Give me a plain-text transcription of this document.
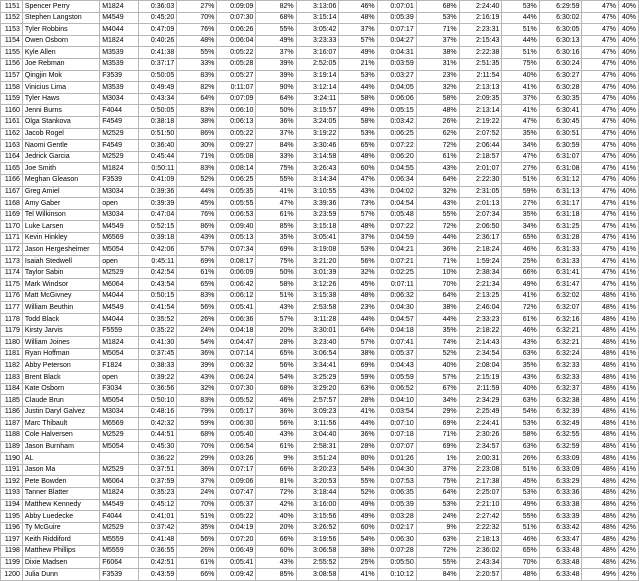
1151	Spencer Perry	M1824	0:36:03	27%	0:09:09	82%	3:13:06	46%	0:07:01	68%	2:24:40	53%	6:29:59	47%	40%
1152	Stephen Langston	M4549	0:45:20	70%	0:07:30	68%	3:15:14	48%	0:05:39	53%	2:16:19	44%	6:30:02	47%	40%
1153	Tyler Robbins	M4044	0:47:09	76%	0:06:26	55%	3:05:42	37%	0:07:17	71%	2:23:31	51%	6:30:05	47%	40%
1154	Owen Osborn	M1824	0:40:26	48%	0:06:04	49%	3:23:33	57%	0:04:27	37%	2:15:43	44%	6:30:13	47%	40%
1155	Kyle Allen	M3539	0:41:38	55%	0:05:22	37%	3:16:07	49%	0:04:31	38%	2:22:38	51%	6:30:16	47%	40%
1156	Joe Rebman	M3539	0:37:17	33%	0:05:28	39%	2:52:05	21%	0:03:59	31%	2:51:35	75%	6:30:24	47%	40%
1157	Qingjin Mok	F3539	0:50:05	83%	0:05:27	39%	3:19:14	53%	0:03:27	23%	2:11:54	40%	6:30:27	47%	40%
1158	Vinicius Lima	M3539	0:49:49	82%	0:11:07	90%	3:12:14	44%	0:04:05	32%	2:13:13	41%	6:30:28	47%	40%
1159	Tyler Haws	M3034	0:43:34	64%	0:07:09	64%	3:24:11	58%	0:06:06	58%	2:09:35	37%	6:30:35	47%	40%
1160	Jenni Burns	F4044	0:50:05	83%	0:06:10	50%	3:15:57	49%	0:05:15	48%	2:13:14	41%	6:30:41	47%	40%
1161	Olga Stankova	F4549	0:38:18	38%	0:06:13	36%	3:24:05	58%	0:03:42	26%	2:19:22	47%	6:30:45	47%	40%
1162	Jacob Rogel	M2529	0:51:50	86%	0:05:22	37%	3:19:22	53%	0:06:25	62%	2:07:52	35%	6:30:51	47%	40%
1163	Naomi Gentle	F4549	0:36:40	30%	0:09:27	84%	3:30:46	65%	0:07:22	72%	2:06:44	34%	6:30:59	47%	40%
1164	Jedrick Garcia	M2529	0:45:44	71%	0:05:08	33%	3:14:58	48%	0:06:20	61%	2:18:57	47%	6:31:07	47%	40%
1165	Joe Smith	M1824	0:50:11	83%	0:08:14	75%	3:26:43	60%	0:04:55	43%	2:01:07	27%	6:31:08	47%	41%
1166	Meghan Gleason	F3539	0:41:09	52%	0:06:25	55%	3:14:34	47%	0:06:34	64%	2:22:30	51%	6:31:12	47%	40%
1167	Greg Amiel	M3034	0:39:36	44%	0:05:35	41%	3:10:55	43%	0:04:02	32%	2:31:05	59%	6:31:13	47%	40%
1168	Amy Gaber	open	0:39:39	45%	0:05:55	47%	3:39:36	73%	0:04:54	43%	2:01:13	27%	6:31:17	47%	41%
1169	Tel Wilkinson	M3034	0:47:04	76%	0:06:53	61%	3:23:59	57%	0:05:48	55%	2:07:34	35%	6:31:18	47%	41%
1170	Luke Larsen	M4549	0:52:15	86%	0:09:40	85%	3:15:18	48%	0:07:22	72%	2:06:50	34%	6:31:25	47%	41%
1171	Kevin Hinkley	M6569	0:39:18	43%	0:05:13	35%	3:05:41	37%	0:04:59	44%	2:36:17	65%	6:31:28	47%	41%
1172	Jason Hergesheimer	M5054	0:42:06	57%	0:07:34	69%	3:19:08	53%	0:04:21	36%	2:18:24	46%	6:31:33	47%	41%
1173	Isaiah Stedwell	open	0:45:11	69%	0:08:17	75%	3:21:20	56%	0:07:21	71%	1:59:24	25%	6:31:33	47%	41%
1174	Taylor Sabin	M2529	0:42:54	61%	0:06:09	50%	3:01:39	32%	0:02:25	10%	2:38:34	66%	6:31:41	47%	41%
1175	Mark Windsor	M6064	0:43:54	65%	0:06:42	58%	3:12:26	45%	0:07:11	70%	2:21:34	49%	6:31:47	47%	41%
1176	Matt McGivney	M4044	0:50:15	83%	0:06:12	51%	3:15:38	48%	0:06:32	64%	2:13:25	41%	6:32:02	48%	41%
1177	William Beuthin	M4549	0:41:54	56%	0:05:41	43%	2:53:58	23%	0:04:30	38%	2:46:04	72%	6:32:07	48%	41%
1178	Todd Black	M4044	0:35:52	26%	0:06:36	57%	3:11:28	44%	0:04:57	44%	2:33:23	61%	6:32:16	48%	41%
1179	Kirsty Jarvis	F5559	0:35:22	24%	0:04:18	20%	3:30:01	64%	0:04:18	35%	2:18:22	46%	6:32:21	48%	41%
1180	William Joines	M1824	0:41:30	54%	0:04:47	28%	3:23:40	57%	0:07:41	74%	2:14:43	43%	6:32:21	48%	41%
1181	Ryan Hoffman	M5054	0:37:45	36%	0:07:14	65%	3:06:54	38%	0:05:37	52%	2:34:54	63%	6:32:24	48%	41%
1182	Abby Peterson	F1824	0:38:33	39%	0:06:32	56%	3:34:41	69%	0:04:43	40%	2:08:04	35%	6:32:33	48%	41%
1183	Brent Black	open	0:39:22	43%	0:06:24	54%	3:25:29	59%	0:05:59	57%	2:15:19	43%	6:32:33	48%	41%
1184	Kate Osborn	F3034	0:36:56	32%	0:07:30	68%	3:29:20	63%	0:06:52	67%	2:11:59	40%	6:32:37	48%	41%
1185	Claude Brun	M5054	0:50:10	83%	0:05:52	46%	2:57:57	28%	0:04:10	34%	2:34:29	63%	6:32:38	48%	41%
1186	Justin Daryl Galvez	M3034	0:48:16	79%	0:05:17	36%	3:09:23	41%	0:03:54	29%	2:25:49	54%	6:32:39	48%	41%
1187	Marc Thibault	M6569	0:42:32	59%	0:06:30	56%	3:11:56	44%	0:07:10	69%	2:24:41	53%	6:32:49	48%	41%
1188	Cole Halversen	M2529	0:44:51	68%	0:05:40	43%	3:04:40	36%	0:07:18	71%	2:30:26	58%	6:32:55	48%	41%
1189	Jason Burnham	M5054	0:45:30	70%	0:06:54	61%	2:58:31	28%	0:07:07	69%	2:34:57	63%	6:32:59	48%	41%
1190	AL		0:36:22	29%	0:03:26	9%	3:51:24	80%	0:01:26	1%	2:00:31	26%	6:33:09	48%	41%
1191	Jason Ma	M2529	0:37:51	36%	0:07:17	66%	3:20:23	54%	0:04:30	37%	2:23:08	51%	6:33:09	48%	41%
1192	Pete Bowden	M6064	0:37:59	37%	0:09:06	81%	3:20:53	55%	0:07:53	75%	2:17:38	45%	6:33:29	48%	42%
1193	Tanner Blatter	M1824	0:35:23	24%	0:07:47	72%	3:18:44	52%	0:06:35	64%	2:25:07	53%	6:33:36	48%	42%
1194	Matthew Kennedy	M4549	0:45:12	70%	0:05:37	42%	3:16:00	49%	0:05:39	53%	2:21:10	49%	6:33:38	48%	42%
1195	Abby Luedecke	F4044	0:41:01	51%	0:05:22	40%	3:15:56	49%	0:03:28	24%	2:27:42	55%	6:33:39	48%	42%
1196	Ty McGuire	M2529	0:37:42	35%	0:04:19	20%	3:26:52	60%	0:02:17	9%	2:22:32	51%	6:33:42	48%	42%
1197	Keith Riddiford	M5559	0:41:48	56%	0:07:20	66%	3:19:56	54%	0:06:30	63%	2:18:13	46%	6:33:47	48%	42%
1198	Matthew Phillips	M5559	0:36:55	26%	0:06:49	60%	3:06:58	38%	0:07:28	72%	2:36:02	65%	6:33:48	48%	42%
1199	Dixie Madsen	F6064	0:42:51	61%	0:05:41	43%	2:55:52	25%	0:05:50	55%	2:43:34	70%	6:33:48	48%	42%
1200	Julia Dunn	F3539	0:43:59	66%	0:09:42	85%	3:08:58	41%	0:10:12	84%	2:20:57	48%	6:33:48	49%	42%
